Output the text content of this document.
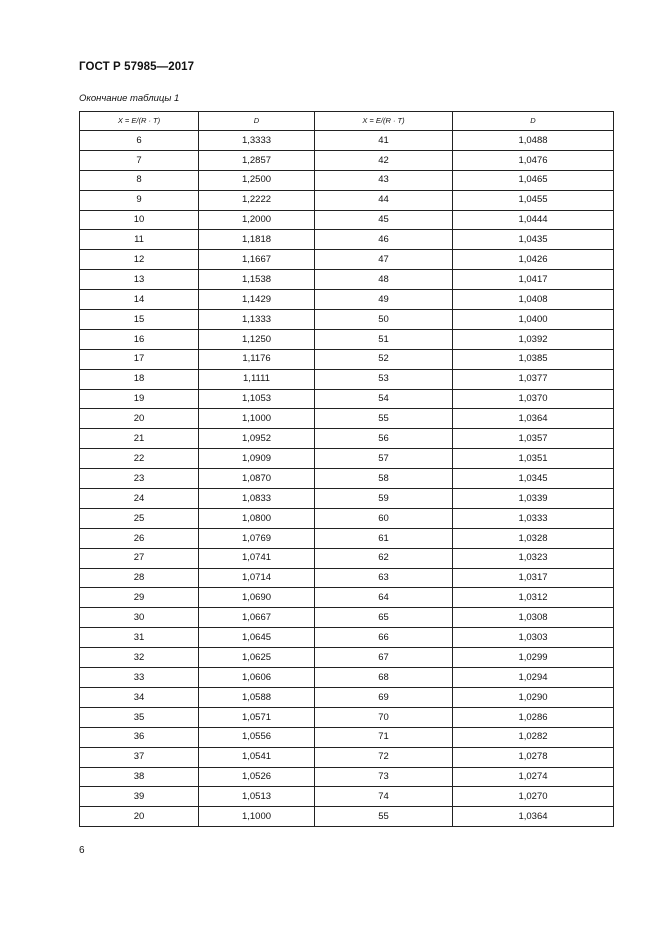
ГОСТ Р 57985—2017
Окончание таблицы 1
X = E/(R · T)	D	X = E/(R · T)	D
6	1,3333	41	1,0488
7	1,2857	42	1,0476
8	1,2500	43	1,0465
9	1,2222	44	1,0455
10	1,2000	45	1,0444
11	1,1818	46	1,0435
12	1,1667	47	1,0426
13	1,1538	48	1,0417
14	1,1429	49	1,0408
15	1,1333	50	1,0400
16	1,1250	51	1,0392
17	1,1176	52	1,0385
18	1,1111	53	1,0377
19	1,1053	54	1,0370
20	1,1000	55	1,0364
21	1,0952	56	1,0357
22	1,0909	57	1,0351
23	1,0870	58	1,0345
24	1,0833	59	1,0339
25	1,0800	60	1,0333
26	1,0769	61	1,0328
27	1,0741	62	1,0323
28	1,0714	63	1,0317
29	1,0690	64	1,0312
30	1,0667	65	1,0308
31	1,0645	66	1,0303
32	1,0625	67	1,0299
33	1,0606	68	1,0294
34	1,0588	69	1,0290
35	1,0571	70	1,0286
36	1,0556	71	1,0282
37	1,0541	72	1,0278
38	1,0526	73	1,0274
39	1,0513	74	1,0270
20	1,1000	55	1,0364
6
